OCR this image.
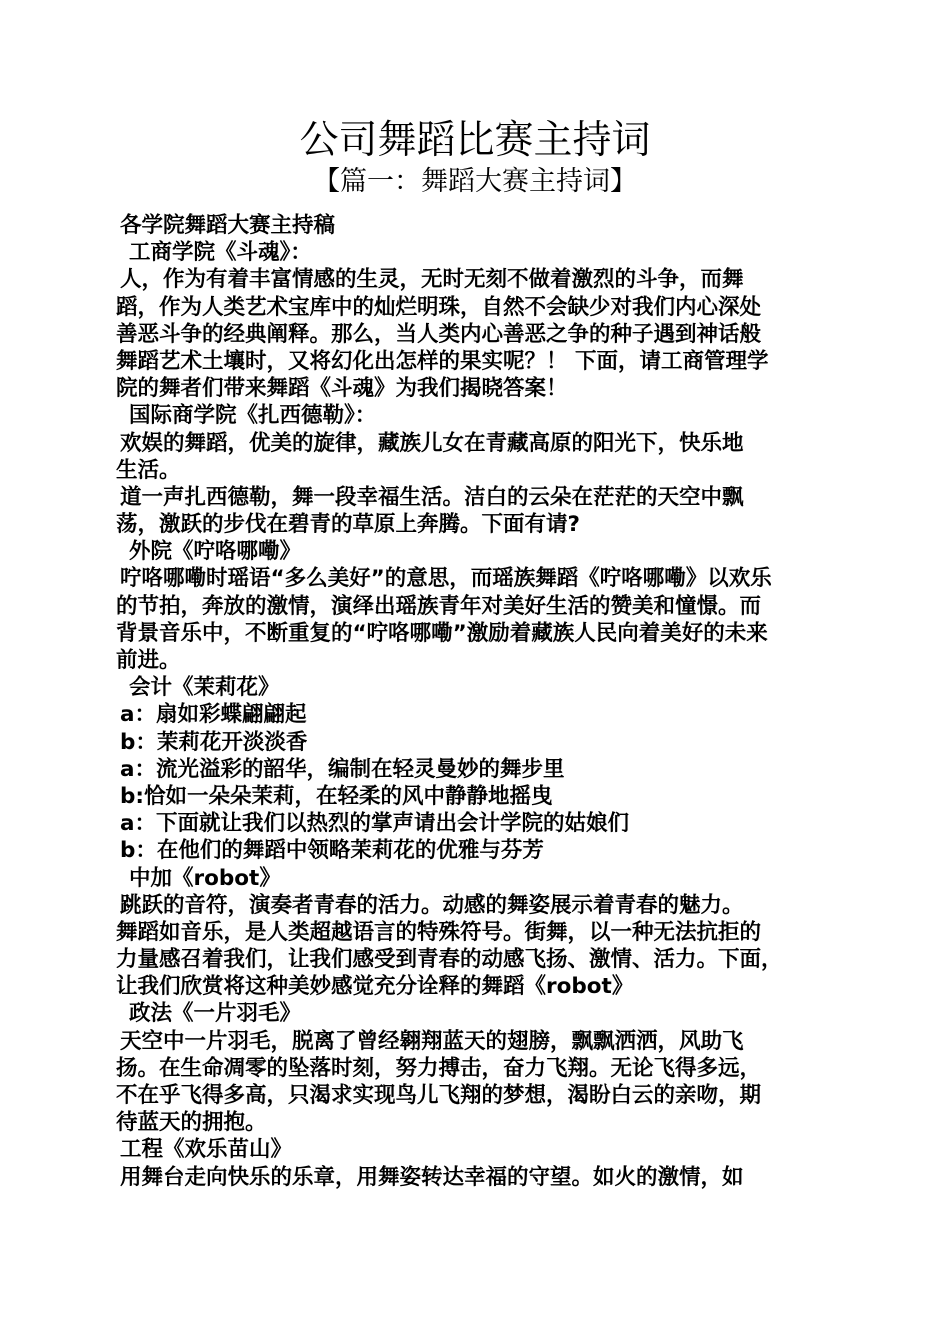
公司舞蹈比赛主持词
【篇一：舞蹈大赛主持词】
各学院舞蹈大赛主持稿
工商学院《斗魂》：
人，作为有着丰富情感的生灵，无时无刻不做着激烈的斗争，而舞
蹈，作为人类艺术宝库中的灿烂明珠，自然不会缺少对我们内心深处
善恶斗争的经典阐释。那么，当人类内心善恶之争的种子遇到神话般
舞蹈艺术土壤时，又将幻化出怎样的果实呢？！ 下面，请工商管理学
院的舞者们带来舞蹈《斗魂》为我们揭晓答案！
国际商学院《扎西德勒》：
欢娱的舞蹈，优美的旋律，藏族儿女在青藏高原的阳光下，快乐地
生活。
道一声扎西德勒，舞一段幸福生活。洁白的云朵在茫茫的天空中飘
荡，激跃的步伐在碧青的草原上奔腾。下面有请?
外院《咛咯哪嘞》
咛咯哪嘞时瑶语“多么美好”的意思，而瑶族舞蹈《咛咯哪嘞》以欢乐
的节拍，奔放的激情，演绎出瑶族青年对美好生活的赞美和憧憬。而
背景音乐中，不断重复的“咛咯哪嘞”激励着藏族人民向着美好的未来
前进。
会计《茉莉花》
a：扇如彩蝶翩翩起
b：茉莉花开淡淡香
a：流光溢彩的韶华，编制在轻灵曼妙的舞步里
b:恰如一朵朵茉莉，在轻柔的风中静静地摇曳
a：下面就让我们以热烈的掌声请出会计学院的姑娘们
b：在他们的舞蹈中领略茉莉花的优雅与芬芳
中加《robot》
跳跃的音符，演奏者青春的活力。动感的舞姿展示着青春的魅力。
舞蹈如音乐，是人类超越语言的特殊符号。街舞，以一种无法抗拒的
力量感召着我们，让我们感受到青春的动感飞扬、激情、活力。下面，
让我们欣赏将这种美妙感觉充分诠释的舞蹈《robot》
政法《一片羽毛》
天空中一片羽毛，脱离了曾经翱翔蓝天的翅膀，飘飘洒洒，风助飞
扬。在生命凋零的坠落时刻，努力搏击，奋力飞翔。无论飞得多远，
不在乎飞得多高，只渴求实现鸟儿飞翔的梦想，渴盼白云的亲吻，期
待蓝天的拥抱。
工程《欢乐苗山》
用舞台走向快乐的乐章，用舞姿转达幸福的守望。如火的激情，如
